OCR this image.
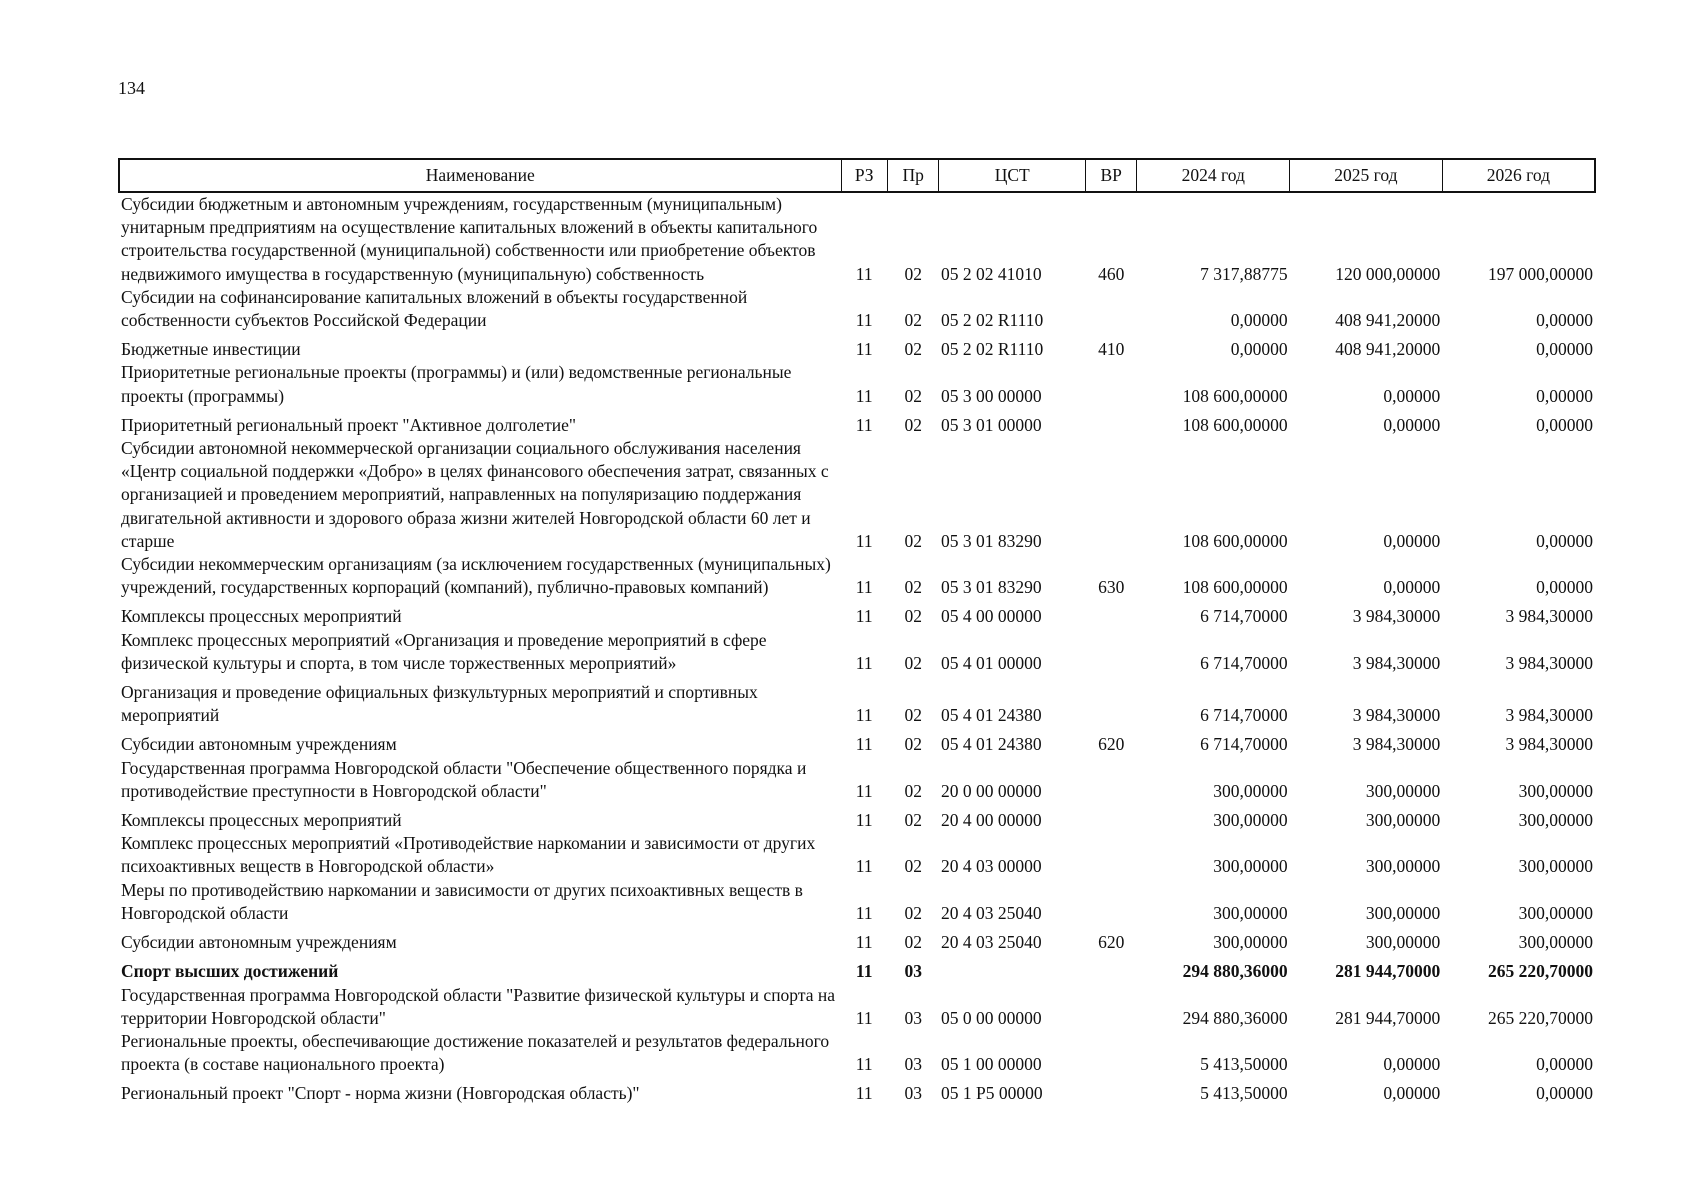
134
Наименование	РЗ	Пр	ЦСТ	ВР	2024 год	2025 год	2026 год
Субсидии бюджетным и автономным учреждениям, государственным (муниципальным) унитарным предприятиям на осуществление капитальных вложений в объекты капитального строительства государственной (муниципальной) собственности или приобретение объектов недвижимого имущества в государственную (муниципальную) собственность	11	02	05 2 02 41010	460	7 317,88775	120 000,00000	197 000,00000
Субсидии на софинансирование капитальных вложений в объекты государственной собственности субъектов Российской Федерации	11	02	05 2 02 R1110		0,00000	408 941,20000	0,00000
Бюджетные инвестиции	11	02	05 2 02 R1110	410	0,00000	408 941,20000	0,00000
Приоритетные региональные проекты (программы) и (или) ведомственные региональные проекты (программы)	11	02	05 3 00 00000		108 600,00000	0,00000	0,00000
Приоритетный региональный проект "Активное долголетие"	11	02	05 3 01 00000		108 600,00000	0,00000	0,00000
Субсидии автономной некоммерческой организации социального обслуживания населения «Центр социальной поддержки «Добро» в целях финансового обеспечения затрат, связанных с организацией и проведением мероприятий, направленных на популяризацию поддержания двигательной активности и здорового образа жизни жителей Новгородской области 60 лет и старше	11	02	05 3 01 83290		108 600,00000	0,00000	0,00000
Субсидии некоммерческим организациям (за исключением государственных (муниципальных) учреждений, государственных корпораций (компаний), публично-правовых компаний)	11	02	05 3 01 83290	630	108 600,00000	0,00000	0,00000
Комплексы процессных мероприятий	11	02	05 4 00 00000		6 714,70000	3 984,30000	3 984,30000
Комплекс процессных мероприятий «Организация и проведение мероприятий в сфере физической культуры и спорта, в том числе торжественных мероприятий»	11	02	05 4 01 00000		6 714,70000	3 984,30000	3 984,30000
Организация и проведение официальных физкультурных мероприятий и спортивных мероприятий	11	02	05 4 01 24380		6 714,70000	3 984,30000	3 984,30000
Субсидии автономным учреждениям	11	02	05 4 01 24380	620	6 714,70000	3 984,30000	3 984,30000
Государственная программа Новгородской области "Обеспечение общественного порядка и противодействие преступности в Новгородской области"	11	02	20 0 00 00000		300,00000	300,00000	300,00000
Комплексы процессных мероприятий	11	02	20 4 00 00000		300,00000	300,00000	300,00000
Комплекс процессных мероприятий «Противодействие наркомании и зависимости от других психоактивных веществ в Новгородской области»	11	02	20 4 03 00000		300,00000	300,00000	300,00000
Меры по противодействию наркомании и зависимости от других психоактивных веществ в Новгородской области	11	02	20 4 03 25040		300,00000	300,00000	300,00000
Субсидии автономным учреждениям	11	02	20 4 03 25040	620	300,00000	300,00000	300,00000
Спорт высших достижений	11	03			294 880,36000	281 944,70000	265 220,70000
Государственная программа Новгородской области "Развитие физической культуры и спорта на территории Новгородской области"	11	03	05 0 00 00000		294 880,36000	281 944,70000	265 220,70000
Региональные проекты, обеспечивающие достижение показателей и результатов федерального проекта (в составе национального проекта)	11	03	05 1 00 00000		5 413,50000	0,00000	0,00000
Региональный проект "Спорт - норма жизни (Новгородская область)"	11	03	05 1 P5 00000		5 413,50000	0,00000	0,00000
